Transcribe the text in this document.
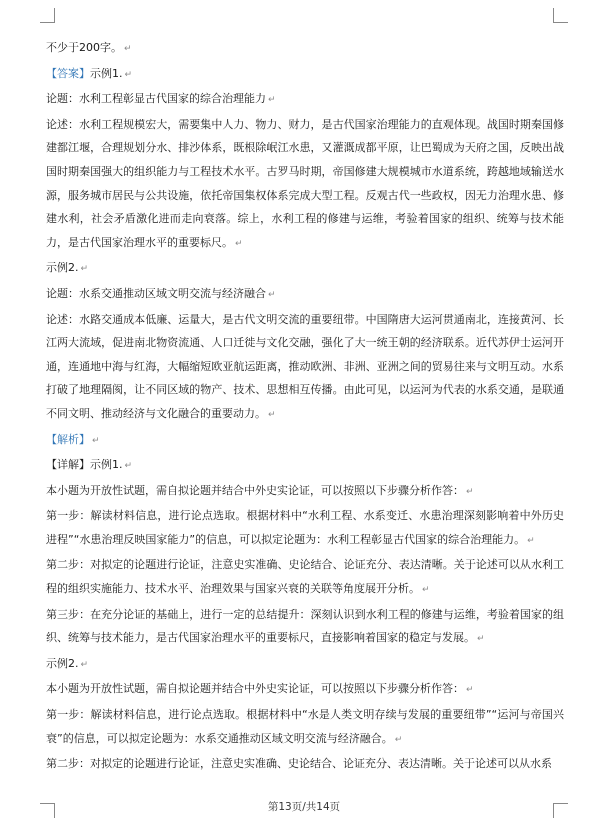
不少于200字。 ↵

【答案】示例1. ↵

论题：水利工程彰显古代国家的综合治理能力 ↵

论述：水利工程规模宏大，需要集中人力、物力、财力，是古代国家治理能力的直观体现。战国时期秦国修建都江堰，合理规划分水、排沙体系，既根除岷江水患，又灌溉成都平原，让巴蜀成为天府之国，反映出战国时期秦国强大的组织能力与工程技术水平。古罗马时期，帝国修建大规模城市水道系统，跨越地域输送水源，服务城市居民与公共设施，依托帝国集权体系完成大型工程。反观古代一些政权，因无力治理水患、修建水利，社会矛盾激化进而走向衰落。综上，水利工程的修建与运维，考验着国家的组织、统筹与技术能力，是古代国家治理水平的重要标尺。 ↵

示例2. ↵

论题：水系交通推动区域文明交流与经济融合 ↵

论述：水路交通成本低廉、运量大，是古代文明交流的重要纽带。中国隋唐大运河贯通南北，连接黄河、长江两大流域，促进南北物资流通、人口迁徙与文化交融，强化了大一统王朝的经济联系。近代苏伊士运河开通，连通地中海与红海，大幅缩短欧亚航运距离，推动欧洲、非洲、亚洲之间的贸易往来与文明互动。水系打破了地理隔阂，让不同区域的物产、技术、思想相互传播。由此可见，以运河为代表的水系交通，是联通不同文明、推动经济与文化融合的重要动力。 ↵

【解析】 ↵

【详解】示例1. ↵

本小题为开放性试题，需自拟论题并结合中外史实论证，可以按照以下步骤分析作答： ↵

第一步：解读材料信息，进行论点选取。根据材料中“水利工程、水系变迁、水患治理深刻影响着中外历史进程”“水患治理反映国家能力”的信息，可以拟定论题为：水利工程彰显古代国家的综合治理能力。 ↵

第二步：对拟定的论题进行论证，注意史实准确、史论结合、论证充分、表达清晰。关于论述可以从水利工程的组织实施能力、技术水平、治理效果与国家兴衰的关联等角度展开分析。 ↵

第三步：在充分论证的基础上，进行一定的总结提升：深刻认识到水利工程的修建与运维，考验着国家的组织、统筹与技术能力，是古代国家治理水平的重要标尺，直接影响着国家的稳定与发展。 ↵

示例2. ↵

本小题为开放性试题，需自拟论题并结合中外史实论证，可以按照以下步骤分析作答： ↵

第一步：解读材料信息，进行论点选取。根据材料中“水是人类文明存续与发展的重要纽带”“运河与帝国兴衰”的信息，可以拟定论题为：水系交通推动区域文明交流与经济融合。 ↵

第二步：对拟定的论题进行论证，注意史实准确、史论结合、论证充分、表达清晰。关于论述可以从水系

第13页/共14页
